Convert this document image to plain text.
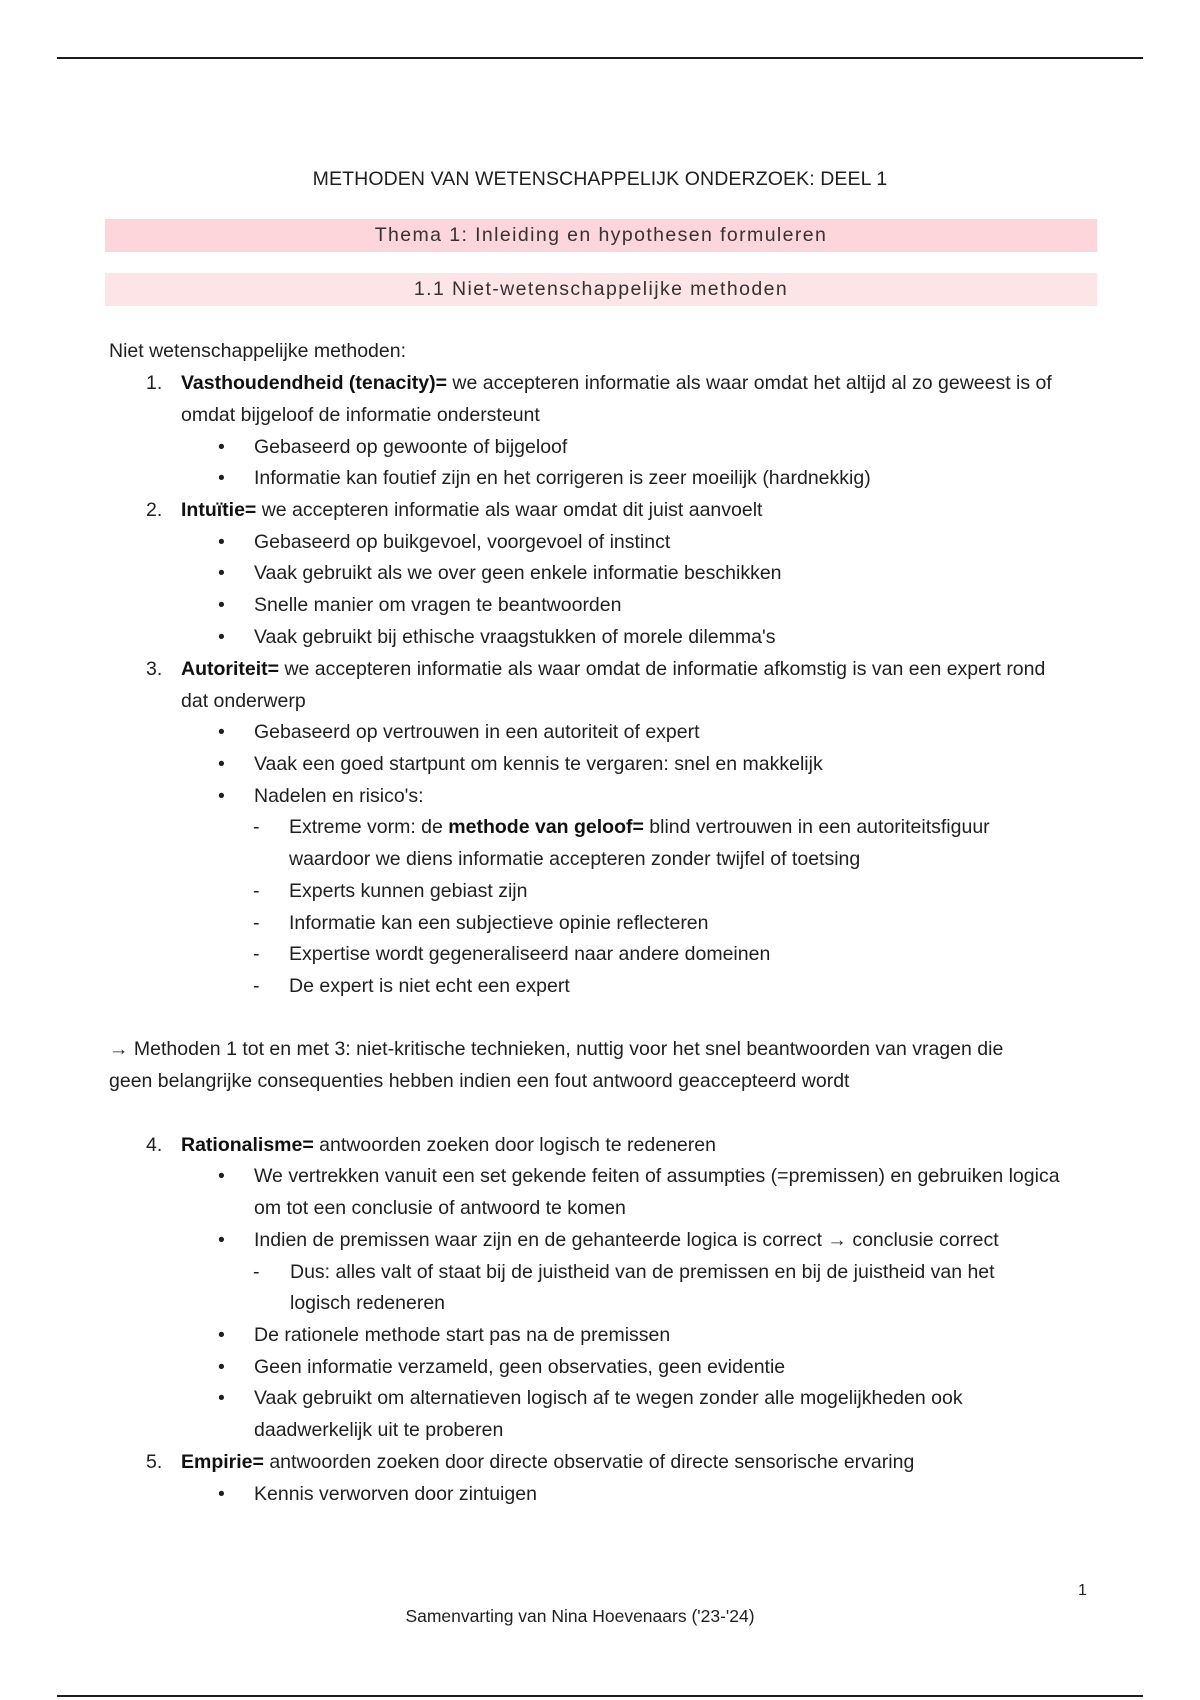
METHODEN VAN WETENSCHAPPELIJK ONDERZOEK: DEEL 1
Thema 1: Inleiding en hypothesen formuleren
1.1 Niet-wetenschappelijke methoden
Niet wetenschappelijke methoden:
1. Vasthoudendheid (tenacity)= we accepteren informatie als waar omdat het altijd al zo geweest is of
omdat bijgeloof de informatie ondersteunt
• Gebaseerd op gewoonte of bijgeloof
• Informatie kan foutief zijn en het corrigeren is zeer moeilijk (hardnekkig)
2. Intuïtie= we accepteren informatie als waar omdat dit juist aanvoelt
• Gebaseerd op buikgevoel, voorgevoel of instinct
• Vaak gebruikt als we over geen enkele informatie beschikken
• Snelle manier om vragen te beantwoorden
• Vaak gebruikt bij ethische vraagstukken of morele dilemma's
3. Autoriteit= we accepteren informatie als waar omdat de informatie afkomstig is van een expert rond
dat onderwerp
• Gebaseerd op vertrouwen in een autoriteit of expert
• Vaak een goed startpunt om kennis te vergaren: snel en makkelijk
• Nadelen en risico's:
- Extreme vorm: de methode van geloof= blind vertrouwen in een autoriteitsfiguur
waardoor we diens informatie accepteren zonder twijfel of toetsing
- Experts kunnen gebiast zijn
- Informatie kan een subjectieve opinie reflecteren
- Expertise wordt gegeneraliseerd naar andere domeinen
- De expert is niet echt een expert
→ Methoden 1 tot en met 3: niet-kritische technieken, nuttig voor het snel beantwoorden van vragen die
geen belangrijke consequenties hebben indien een fout antwoord geaccepteerd wordt
4. Rationalisme= antwoorden zoeken door logisch te redeneren
• We vertrekken vanuit een set gekende feiten of assumpties (=premissen) en gebruiken logica
om tot een conclusie of antwoord te komen
• Indien de premissen waar zijn en de gehanteerde logica is correct → conclusie correct
- Dus: alles valt of staat bij de juistheid van de premissen en bij de juistheid van het
logisch redeneren
• De rationele methode start pas na de premissen
• Geen informatie verzameld, geen observaties, geen evidentie
• Vaak gebruikt om alternatieven logisch af te wegen zonder alle mogelijkheden ook
daadwerkelijk uit te proberen
5. Empirie= antwoorden zoeken door directe observatie of directe sensorische ervaring
• Kennis verworven door zintuigen
1
Samenvarting van Nina Hoevenaars ('23-'24)
